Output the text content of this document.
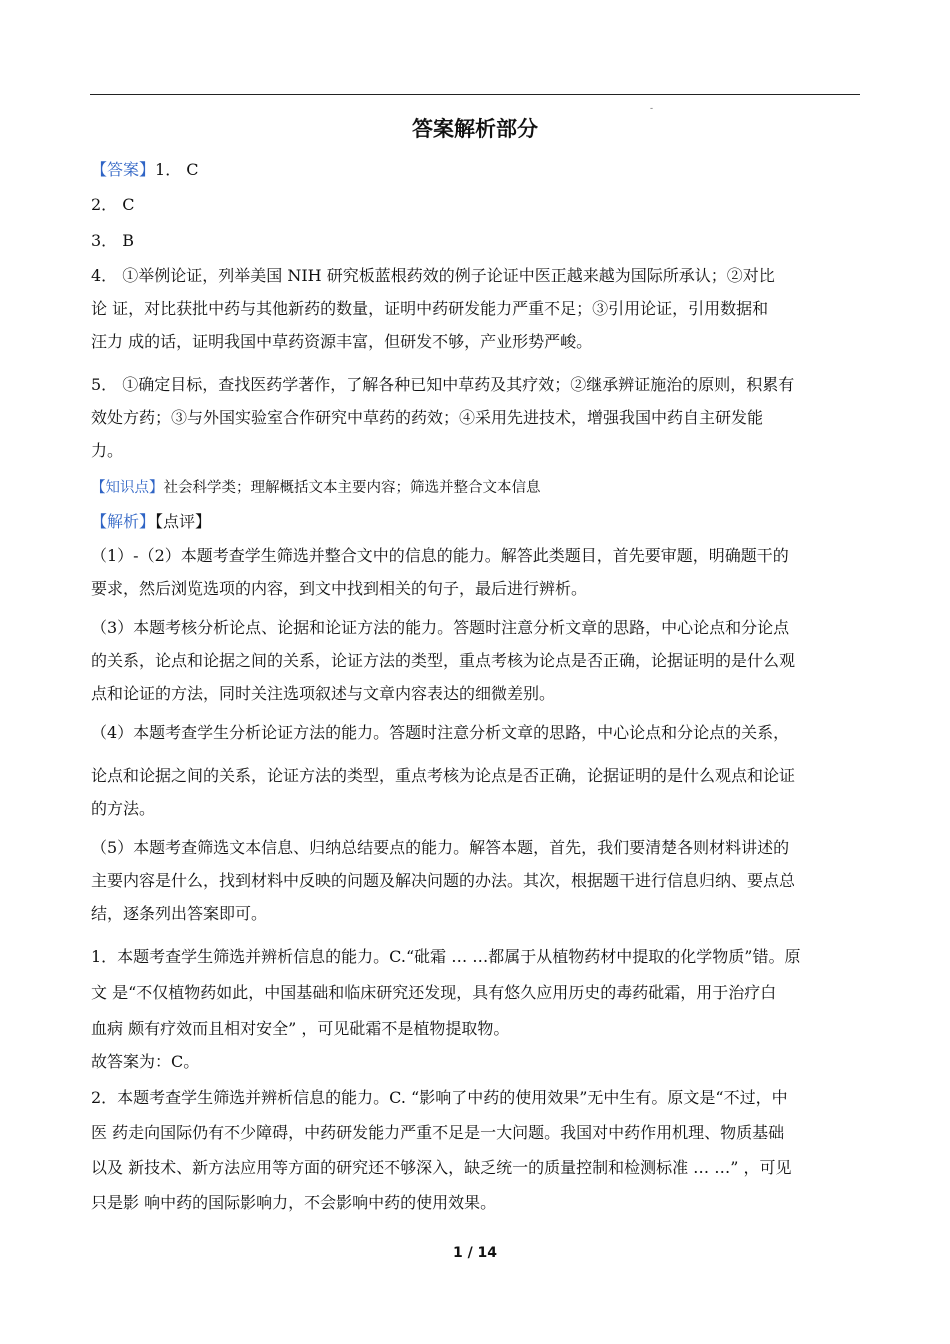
-
答案解析部分
【答案】1． C
2． C
3． B
4． ①举例论证，列举美国 NIH 研究板蓝根药效的例子论证中医正越来越为国际所承认；②对比
论 证，对比获批中药与其他新药的数量，证明中药研发能力严重不足；③引用论证，引用数据和
汪力 成的话，证明我国中草药资源丰富，但研发不够，产业形势严峻。
5． ①确定目标，查找医药学著作，了解各种已知中草药及其疗效；②继承辨证施治的原则，积累有
效处方药；③与外国实验室合作研究中草药的药效；④采用先进技术，增强我国中药自主研发能
力。
【知识点】社会科学类；理解概括文本主要内容；筛选并整合文本信息
【解析】【点评】
（1）-（2）本题考查学生筛选并整合文中的信息的能力。解答此类题目，首先要审题，明确题干的
要求，然后浏览选项的内容，到文中找到相关的句子，最后进行辨析。
（3）本题考核分析论点、论据和论证方法的能力。答题时注意分析文章的思路，中心论点和分论点
的关系，论点和论据之间的关系，论证方法的类型，重点考核为论点是否正确，论据证明的是什么观
点和论证的方法，同时关注选项叙述与文章内容表达的细微差别。
（4）本题考查学生分析论证方法的能力。答题时注意分析文章的思路，中心论点和分论点的关系，
论点和论据之间的关系，论证方法的类型，重点考核为论点是否正确，论据证明的是什么观点和论证
的方法。
（5）本题考查筛选文本信息、归纳总结要点的能力。解答本题，首先，我们要清楚各则材料讲述的
主要内容是什么，找到材料中反映的问题及解决问题的办法。其次，根据题干进行信息归纳、要点总
结，逐条列出答案即可。
1．本题考查学生筛选并辨析信息的能力。C.“砒霜 … …都属于从植物药材中提取的化学物质”错。原
文 是“不仅植物药如此，中国基础和临床研究还发现，具有悠久应用历史的毒药砒霜，用于治疗白
血病 颇有疗效而且相对安全” ，可见砒霜不是植物提取物。
故答案为：C。
2．本题考查学生筛选并辨析信息的能力。C. “影响了中药的使用效果”无中生有。原文是“不过，中
医 药走向国际仍有不少障碍，中药研发能力严重不足是一大问题。我国对中药作用机理、物质基础
以及 新技术、新方法应用等方面的研究还不够深入，缺乏统一的质量控制和检测标准 … …” ，可见
只是影 响中药的国际影响力，不会影响中药的使用效果。
1 / 14
